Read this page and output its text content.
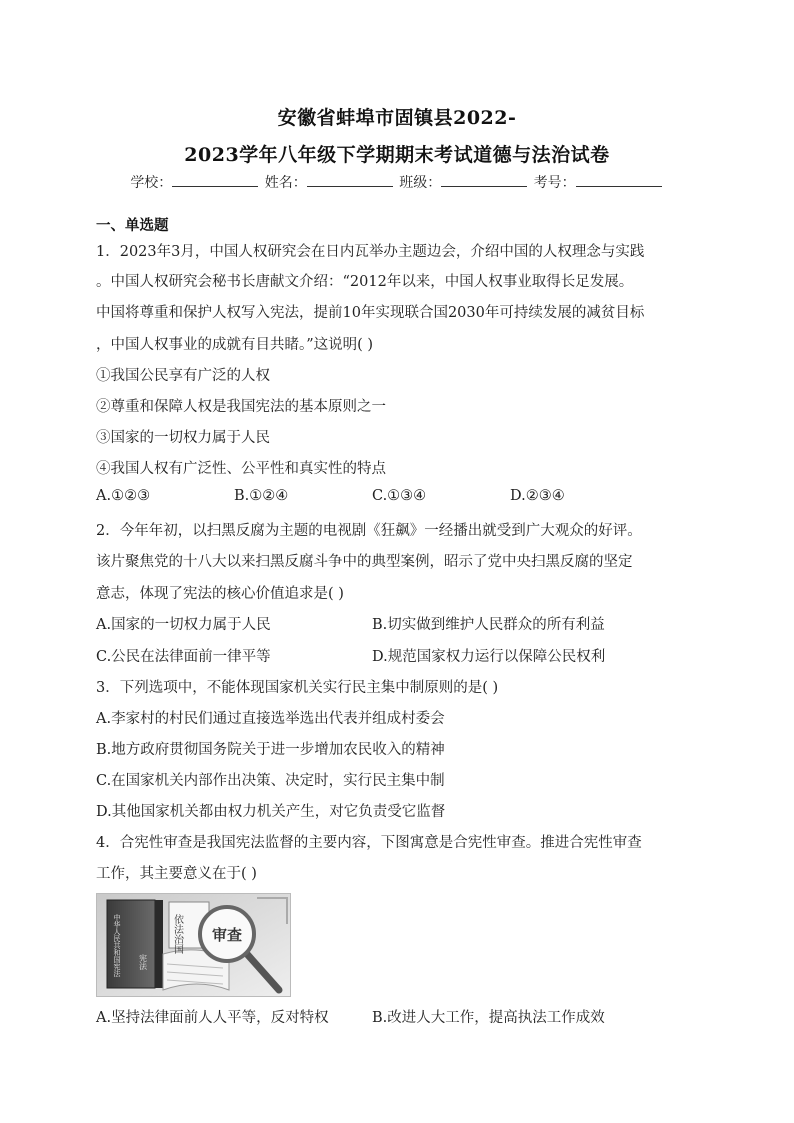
安徽省蚌埠市固镇县2022-
2023学年八年级下学期期末考试道德与法治试卷
学校：	姓名：	班级：	考号：
一、单选题
1．2023年3月，中国人权研究会在日内瓦举办主题边会，介绍中国的人权理念与实践
。中国人权研究会秘书长唐献文介绍：“2012年以来，中国人权事业取得长足发展。
中国将尊重和保护人权写入宪法，提前10年实现联合国2030年可持续发展的减贫目标
，中国人权事业的成就有目共睹。”这说明( )
①我国公民享有广泛的人权
②尊重和保障人权是我国宪法的基本原则之一
③国家的一切权力属于人民
④我国人权有广泛性、公平性和真实性的特点
A.①②③	B.①②④	C.①③④	D.②③④
2．今年年初，以扫黑反腐为主题的电视剧《狂飙》一经播出就受到广大观众的好评。
该片聚焦党的十八大以来扫黑反腐斗争中的典型案例，昭示了党中央扫黑反腐的坚定
意志，体现了宪法的核心价值追求是( )
A.国家的一切权力属于人民	B.切实做到维护人民群众的所有利益
C.公民在法律面前一律平等	D.规范国家权力运行以保障公民权利
3．下列选项中，不能体现国家机关实行民主集中制原则的是( )
A.李家村的村民们通过直接选举选出代表并组成村委会
B.地方政府贯彻国务院关于进一步增加农民收入的精神
C.在国家机关内部作出决策、决定时，实行民主集中制
D.其他国家机关都由权力机关产生，对它负责受它监督
4．合宪性审查是我国宪法监督的主要内容，下图寓意是合宪性审查。推进合宪性审查
工作，其主要意义在于( )
中华人民共和国宪法 宪法
依法治国 审查
A.坚持法律面前人人平等，反对特权	B.改进人大工作，提高执法工作成效
